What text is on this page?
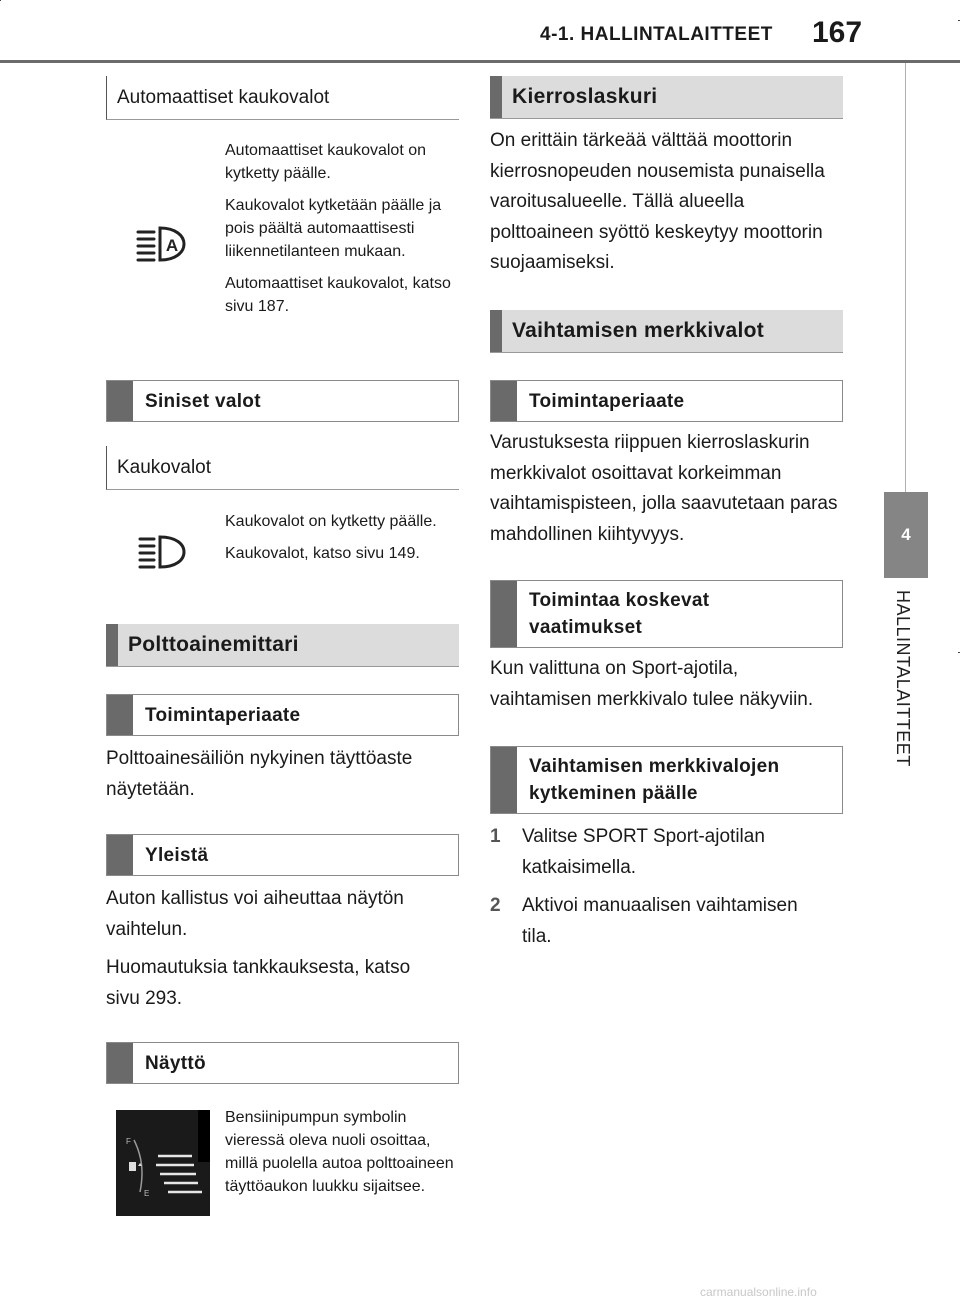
4-1. HALLINTALAITTEET 167
4
HALLINTALAITTEET
Automaattiset kaukovalot
A

Automaattiset kaukovalot on kytketty päälle.

Kaukovalot kytketään päälle ja pois päältä automaattisesti liikennetilanteen mukaan.

Automaattiset kaukovalot, katso sivu 187.

Siniset valot
Kaukovalot

Kaukovalot on kytketty päälle.

Kaukovalot, katso sivu 149.

Polttoainemittari
Toimintaperiaate
Polttoainesäiliön nykyinen täyttöaste näytetään.
Yleistä
Auton kallistus voi aiheuttaa näytön vaihtelun.
Huomautuksia tankkauksesta, katso sivu 293.
Näyttö
F
E
Bensiinipumpun symbolin vieressä oleva nuoli osoittaa, millä puolella autoa polttoaineen täyttöaukon luukku sijaitsee.
Kierroslaskuri
On erittäin tärkeää välttää moottorin kierrosnopeuden nousemista punaisella varoitusalueelle. Tällä alueella polttoaineen syöttö keskeytyy moottorin suojaamiseksi.
Vaihtamisen merkkivalot
Toimintaperiaate
Varustuksesta riippuen kierroslaskurin merkkivalot osoittavat korkeimman vaihtamispisteen, jolla saavutetaan paras mahdollinen kiihtyvyys.
Toimintaa koskevat vaatimukset
Kun valittuna on Sport-ajotila, vaihtamisen merkkivalo tulee näkyviin.
Vaihtamisen merkkivalojen kytkeminen päälle
1	Valitse SPORT Sport-ajotilan katkaisimella.
2	Aktivoi manuaalisen vaihtamisen tila.
carmanualsonline.info
